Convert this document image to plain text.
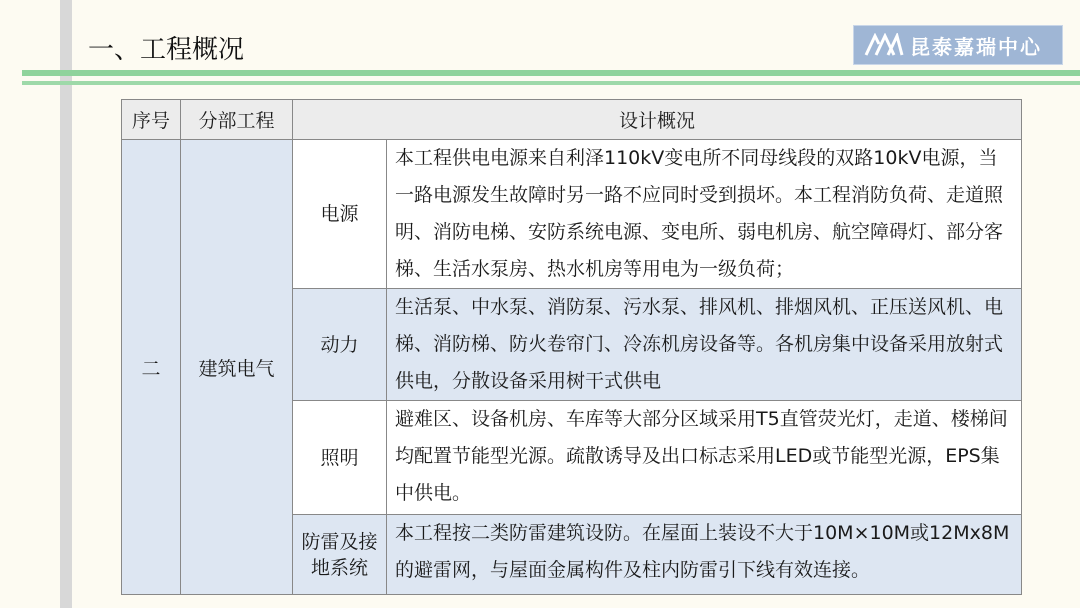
一、工程概况	昆泰嘉瑞中心
序号	分部工程	设计概况	
二	建筑电气	电源	本工程供电电源来自利泽110kV变电所不同母线段的双路10kV电源，当一路电源发生故障时另一路不应同时受到损坏。本工程消防负荷、走道照明、消防电梯、安防系统电源、变电所、弱电机房、航空障碍灯、部分客梯、生活水泵房、热水机房等用电为一级负荷；
		动力	生活泵、中水泵、消防泵、污水泵、排风机、排烟风机、正压送风机、电梯、消防梯、防火卷帘门、冷冻机房设备等。各机房集中设备采用放射式供电，分散设备采用树干式供电
		照明	避难区、设备机房、车库等大部分区域采用T5直管荧光灯，走道、楼梯间均配置节能型光源。疏散诱导及出口标志采用LED或节能型光源，EPS集中供电。
		防雷及接地系统	本工程按二类防雷建筑设防。在屋面上装设不大于10M×10M或12Mx8M的避雷网，与屋面金属构件及柱内防雷引下线有效连接。
